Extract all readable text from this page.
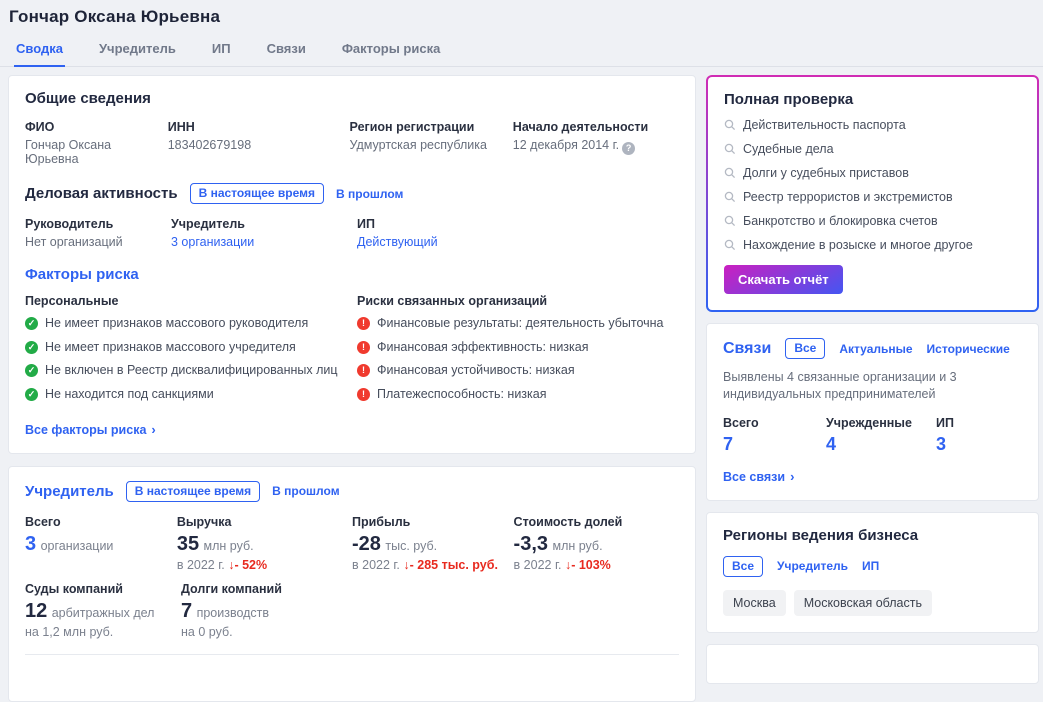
Гончар Оксана Юрьевна
Сводка	Учредитель	ИП	Связи	Факторы риска
Общие сведения
ФИО
Гончар Оксана Юрьевна
ИНН
183402679198
Регион регистрации
Удмуртская республика
Начало деятельности
12 декабря 2014 г. ?
Деловая активность	В настоящее время	В прошлом
Руководитель
Нет организаций
Учредитель
3 организации
ИП
Действующий
Факторы риска
Персональные
✓ Не имеет признаков массового руководителя
✓ Не имеет признаков массового учредителя
✓ Не включен в Реестр дисквалифицированных лиц
✓ Не находится под санкциями
Риски связанных организаций
! Финансовые результаты: деятельность убыточна
! Финансовая эффективность: низкая
! Финансовая устойчивость: низкая
! Платежеспособность: низкая
Все факторы риска ›
Учредитель	В настоящее время	В прошлом
Всего
3 организации
Выручка
35 млн руб.
в 2022 г. ↓- 52%
Прибыль
-28 тыс. руб.
в 2022 г. ↓- 285 тыс. руб.
Стоимость долей
-3,3 млн руб.
в 2022 г. ↓- 103%
Суды компаний
12 арбитражных дел
на 1,2 млн руб.
Долги компаний
7 производств
на 0 руб.
Полная проверка
Действительность паспорта
Судебные дела
Долги у судебных приставов
Реестр террористов и экстремистов
Банкротство и блокировка счетов
Нахождение в розыске и многое другое
Скачать отчёт
Связи	Все	Актуальные Исторические

Выявлены 4 связанные организации и 3 индивидуальных предпринимателей

Всего
7
Учрежденные
4
ИП
3
Все связи ›
Регионы ведения бизнеса
Все	Учредитель ИП
Москва	Московская область
